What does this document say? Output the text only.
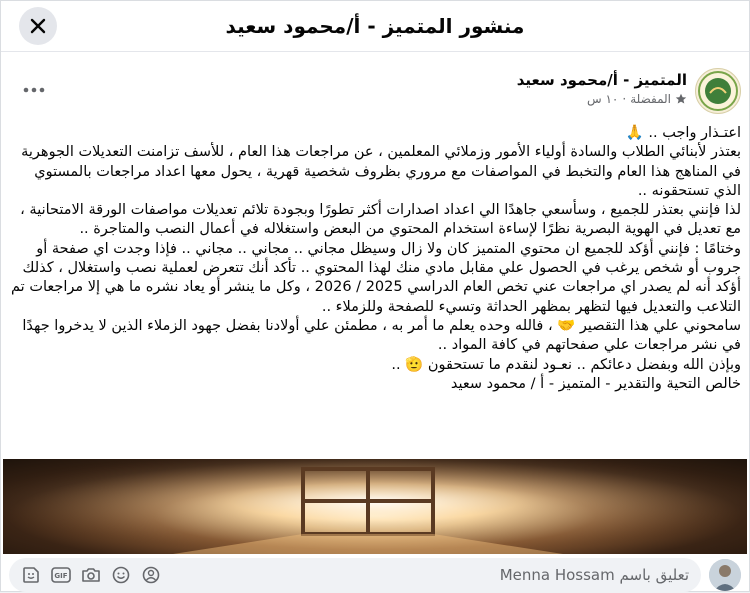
منشور المتميز - أ/محمود سعيد
المتميز - أ/محمود سعيد
المفضلة
·
١٠ س

اعتـذار واجب .. 🙏

بعتذر لأبنائي الطلاب والسادة أولياء الأمور وزملائي المعلمين ، عن مراجعات هذا العام ، للأسف تزامنت التعديلات الجوهرية في المناهج هذا العام والتخبط في المواصفات مع مروري بظروف شخصية قهرية ، يحول معها اعداد مراجعات بالمستوي الذي تستحقونه ..

لذا فإنني بعتذر للجميع ، وسأسعي جاهدًا الي اعداد اصدارات أكثر تطورًا وبجودة تلائم تعديلات مواصفات الورقة الامتحانية ، مع تعديل في الهوية البصرية نظرًا لإساءة استخدام المحتوي من البعض واستغلاله في أعمال النصب والمتاجرة ..

وختامًا : فإنني أؤكد للجميع ان محتوي المتميز كان ولا زال وسيظل مجاني .. مجاني .. مجاني .. فإذا وجدت اي صفحة أو جروب أو شخص يرغب في الحصول علي مقابل مادي منك لهذا المحتوي .. تأكد أنك تتعرض لعملية نصب واستغلال ، كذلك أؤكد أنه لم يصدر اي مراجعات عني تخص العام الدراسي 2025 / 2026 ، وكل ما ينشر أو يعاد نشره ما هي إلا مراجعات تم التلاعب والتعديل فيها لتظهر بمظهر الحداثة وتسيء للصفحة وللزملاء ..

سامحوني علي هذا التقصير 🤝 ، فالله وحده يعلم ما أمر به ، مطمئن علي أولادنا بفضل جهود الزملاء الذين لا يدخروا جهدًا في نشر مراجعات علي صفحاتهم في كافة المواد ..

وبإذن الله وبفضل دعائكم .. نعـود لنقدم ما تستحقون 🫡 ..

خالص التحية والتقدير - المتميز - أ / محمود سعيد

تعليق باسم Menna Hossam
GIF
